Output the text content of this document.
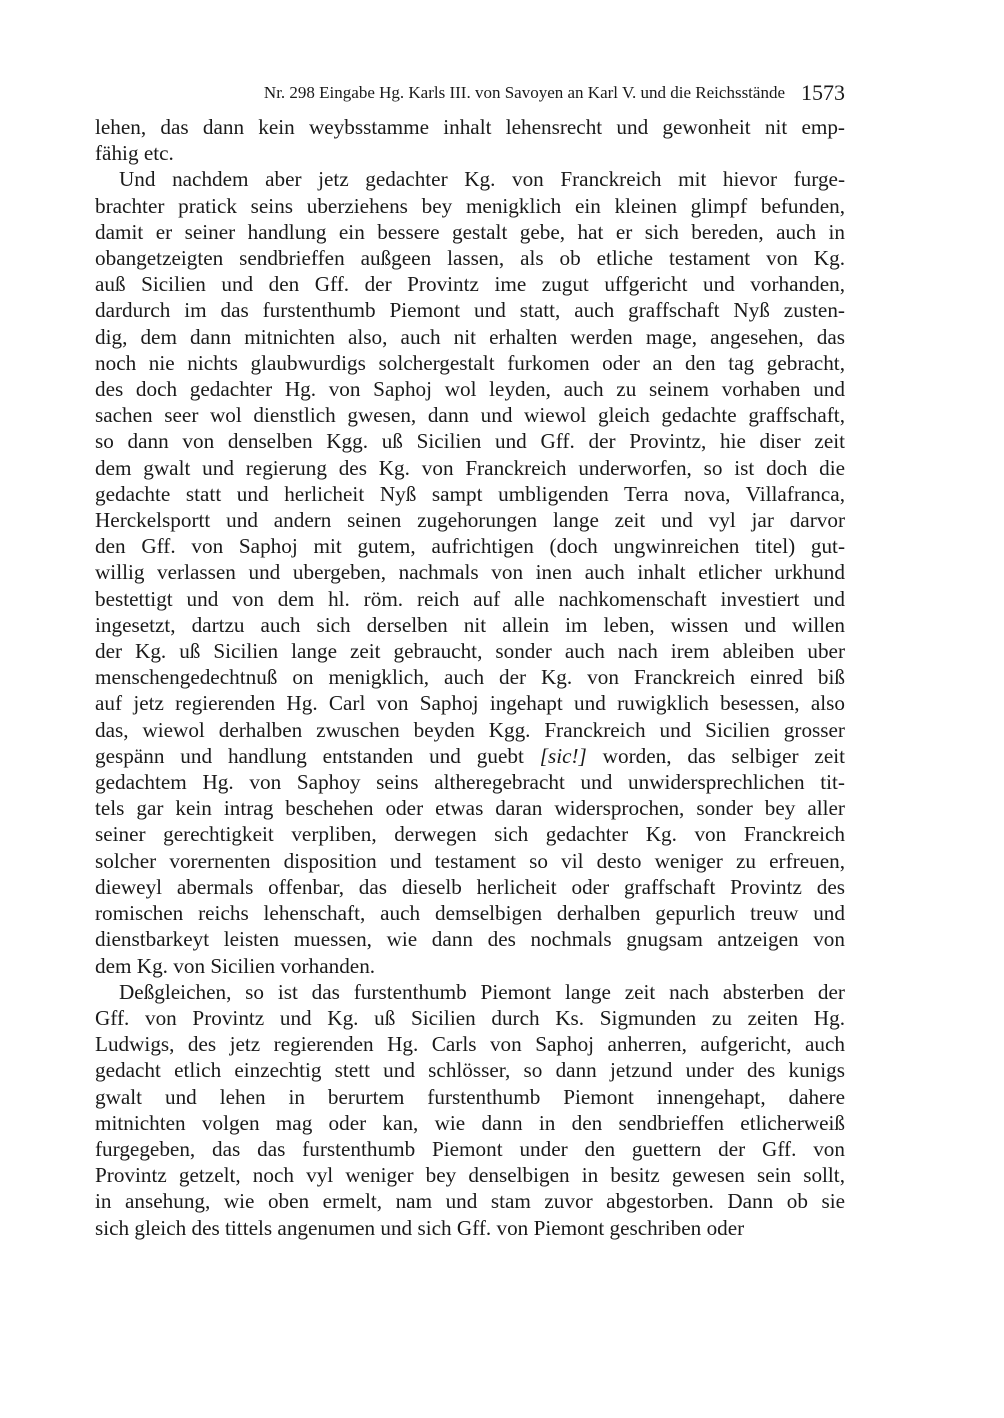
Nr. 298 Eingabe Hg. Karls III. von Savoyen an Karl V. und die Reichsstände 1573

lehen, das dann kein weybsstamme inhalt lehensrecht und gewonheit nit emp-
fähig etc.

Und nachdem aber jetz gedachter Kg. von Franckreich mit hievor furge-
brachter pratick seins uberziehens bey menigklich ein kleinen glimpf befunden,
damit er seiner handlung ein bessere gestalt gebe, hat er sich bereden, auch in
obangetzeigten sendbrieffen außgeen lassen, als ob etliche testament von Kg.
auß Sicilien und den Gff. der Provintz ime zugut uffgericht und vorhanden,
dardurch im das furstenthumb Piemont und statt, auch graffschaft Nyß zusten-
dig, dem dann mitnichten also, auch nit erhalten werden mage, angesehen, das
noch nie nichts glaubwurdigs solchergestalt furkomen oder an den tag gebracht,
des doch gedachter Hg. von Saphoj wol leyden, auch zu seinem vorhaben und
sachen seer wol dienstlich gwesen, dann und wiewol gleich gedachte graffschaft,
so dann von denselben Kgg. uß Sicilien und Gff. der Provintz, hie diser zeit
dem gwalt und regierung des Kg. von Franckreich underworfen, so ist doch die
gedachte statt und herlicheit Nyß sampt umbligenden Terra nova, Villafranca,
Herckelsportt und andern seinen zugehorungen lange zeit und vyl jar darvor
den Gff. von Saphoj mit gutem, aufrichtigen (doch ungwinreichen titel) gut-
willig verlassen und ubergeben, nachmals von inen auch inhalt etlicher urkhund
bestettigt und von dem hl. röm. reich auf alle nachkomenschaft investiert und
ingesetzt, dartzu auch sich derselben nit allein im leben, wissen und willen
der Kg. uß Sicilien lange zeit gebraucht, sonder auch nach irem ableiben uber
menschengedechtnuß on menigklich, auch der Kg. von Franckreich einred biß
auf jetz regierenden Hg. Carl von Saphoj ingehapt und ruwigklich besessen, also
das, wiewol derhalben zwuschen beyden Kgg. Franckreich und Sicilien grosser
gespänn und handlung entstanden und guebt [sic!] worden, das selbiger zeit
gedachtem Hg. von Saphoy seins altheregebracht und unwidersprechlichen tit-
tels gar kein intrag beschehen oder etwas daran widersprochen, sonder bey aller
seiner gerechtigkeit verpliben, derwegen sich gedachter Kg. von Franckreich
solcher vorernenten disposition und testament so vil desto weniger zu erfreuen,
dieweyl abermals offenbar, das dieselb herlicheit oder graffschaft Provintz des
romischen reichs lehenschaft, auch demselbigen derhalben gepurlich treuw und
dienstbarkeyt leisten muessen, wie dann des nochmals gnugsam antzeigen von
dem Kg. von Sicilien vorhanden.

Deßgleichen, so ist das furstenthumb Piemont lange zeit nach absterben der
Gff. von Provintz und Kg. uß Sicilien durch Ks. Sigmunden zu zeiten Hg.
Ludwigs, des jetz regierenden Hg. Carls von Saphoj anherren, aufgericht, auch
gedacht etlich einzechtig stett und schlösser, so dann jetzund under des kunigs
gwalt und lehen in berurtem furstenthumb Piemont innengehapt, dahere
mitnichten volgen mag oder kan, wie dann in den sendbrieffen etlicherweiß
furgegeben, das das furstenthumb Piemont under den guettern der Gff. von
Provintz getzelt, noch vyl weniger bey denselbigen in besitz gewesen sein sollt,
in ansehung, wie oben ermelt, nam und stam zuvor abgestorben. Dann ob sie
sich gleich des tittels angenumen und sich Gff. von Piemont geschriben oder
